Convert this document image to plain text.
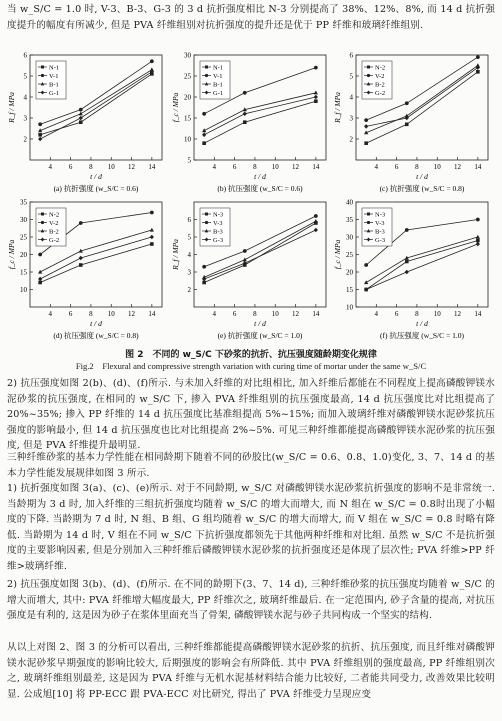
当 w_S/C = 1.0 时, V-3、B-3、G-3 的 3 d 抗折强度相比 N-3 分别提高了 38%、12%、8%, 而 14 d 抗折强度提升的幅度有所减少, 但是 PVA 纤维组别对抗折强度的提升还是优于 PP 纤维和玻璃纤维组别.
4 6 8 10 12 14
2
3
4
5
6
t / d
R_f / MPa
(a) 抗折强度 (w_S/C = 0.6)
N-1
V-1
B-1
G-1
4 6 8 10 12 14
5
10
15
20
25
30
t / d
f_c / MPa
(b) 抗压强度 (w_S/C = 0.6)
N-1
V-1
B-1
G-1
4 6 8 10 12 14
2
3
4
5
6
t / d
R_f / MPa
(c) 抗折强度 (w_S/C = 0.8)
N-2
V-2
B-2
G-2
4 6 8 10 12 14
10
15
20
25
30
35
t / d
f_c / MPa
(d) 抗压强度 (w_S/C = 0.8)
N-2
V-2
B-2
G-2
4 6 8 10 12 14
2
3
4
5
6
t / d
R_f / MPa
(e) 抗折强度 (w_S/C = 1.0)
N-3
V-3
B-3
G-3
4 6 8 10 12 14
10
15
20
25
30
35
40
t / d
f_c / MPa
(f) 抗压强度 (w_S/C = 1.0)
N-3
V-3
B-3
G-3
图 2　不同的 w_S/C 下砂浆的抗折、抗压强度随龄期变化规律
Fig.2　Flexural and compressive strength variation with curing time of mortar under the same w_S/C
2) 抗压强度如图 2(b)、(d)、(f)所示. 与未加入纤维的对比组相比, 加入纤维后都能在不同程度上提高磷酸钾镁水泥砂浆的抗压强度, 在相同的 w_S/C 下, 掺入 PVA 纤维组别的抗压强度最高, 14 d 抗压强度比对比组提高了 20%~35%; 掺入 PP 纤维的 14 d 抗压强度比基准组提高 5%~15%; 而加入玻璃纤维对磷酸钾镁水泥砂浆抗压强度的影响最小, 但 14 d 抗压强度也比对比组提高 2%~5%. 可见三种纤维都能提高磷酸钾镁水泥砂浆的抗压强度, 但是 PVA 纤维提升最明显.
三种纤维砂浆的基本力学性能在相同龄期下随着不同的砂胶比(w_S/C = 0.6、0.8、1.0)变化, 3、7、14 d 的基本力学性能发展规律如图 3 所示.
1) 抗折强度如图 3(a)、(c)、(e)所示. 对于不同龄期, w_S/C 对磷酸钾镁水泥砂浆抗折强度的影响不是非常统一. 当龄期为 3 d 时, 加入纤维的三组抗折强度均随着 w_S/C 的增大而增大, 而 N 组在 w_S/C = 0.8时出现了小幅度的下降. 当龄期为 7 d 时, N 组、B 组、G 组均随着 w_S/C 的增大而增大, 而 V 组在 w_S/C = 0.8 时略有降低. 当龄期为 14 d 时, V 组在不同 w_S/C 下抗折强度都领先于其他两种纤维和对比组. 虽然 w_S/C 不是抗折强度的主要影响因素, 但是分别加入三种纤维后磷酸钾镁水泥砂浆的抗折强度还是体现了层次性; PVA 纤维>PP 纤维>玻璃纤维.
2) 抗压强度如图 3(b)、(d)、(f)所示. 在不同的龄期下(3、7、14 d), 三种纤维砂浆的抗压强度均随着 w_S/C 的增大而增大, 其中: PVA 纤维增大幅度最大, PP 纤维次之, 玻璃纤维最后. 在一定范围内, 砂子含量的提高, 对抗压强度是有利的, 这是因为砂子在浆体里面充当了骨架, 磷酸钾镁水泥与砂子共同构成一个坚实的结构.
从以上对图 2、图 3 的分析可以看出, 三种纤维都能提高磷酸钾镁水泥砂浆的抗折、抗压强度, 而且纤维对磷酸钾镁水泥砂浆早期强度的影响比较大, 后期强度的影响会有所降低. 其中 PVA 纤维组别的强度最高, PP 纤维组别次之, 玻璃纤维组别最差, 这是因为 PVA 纤维与无机水泥基材料结合能力比较好, 二者能共同受力, 改善效果比较明显. 公成旭[10] 将 PP-ECC 跟 PVA-ECC 对比研究, 得出了 PVA 纤维受力呈现应变
